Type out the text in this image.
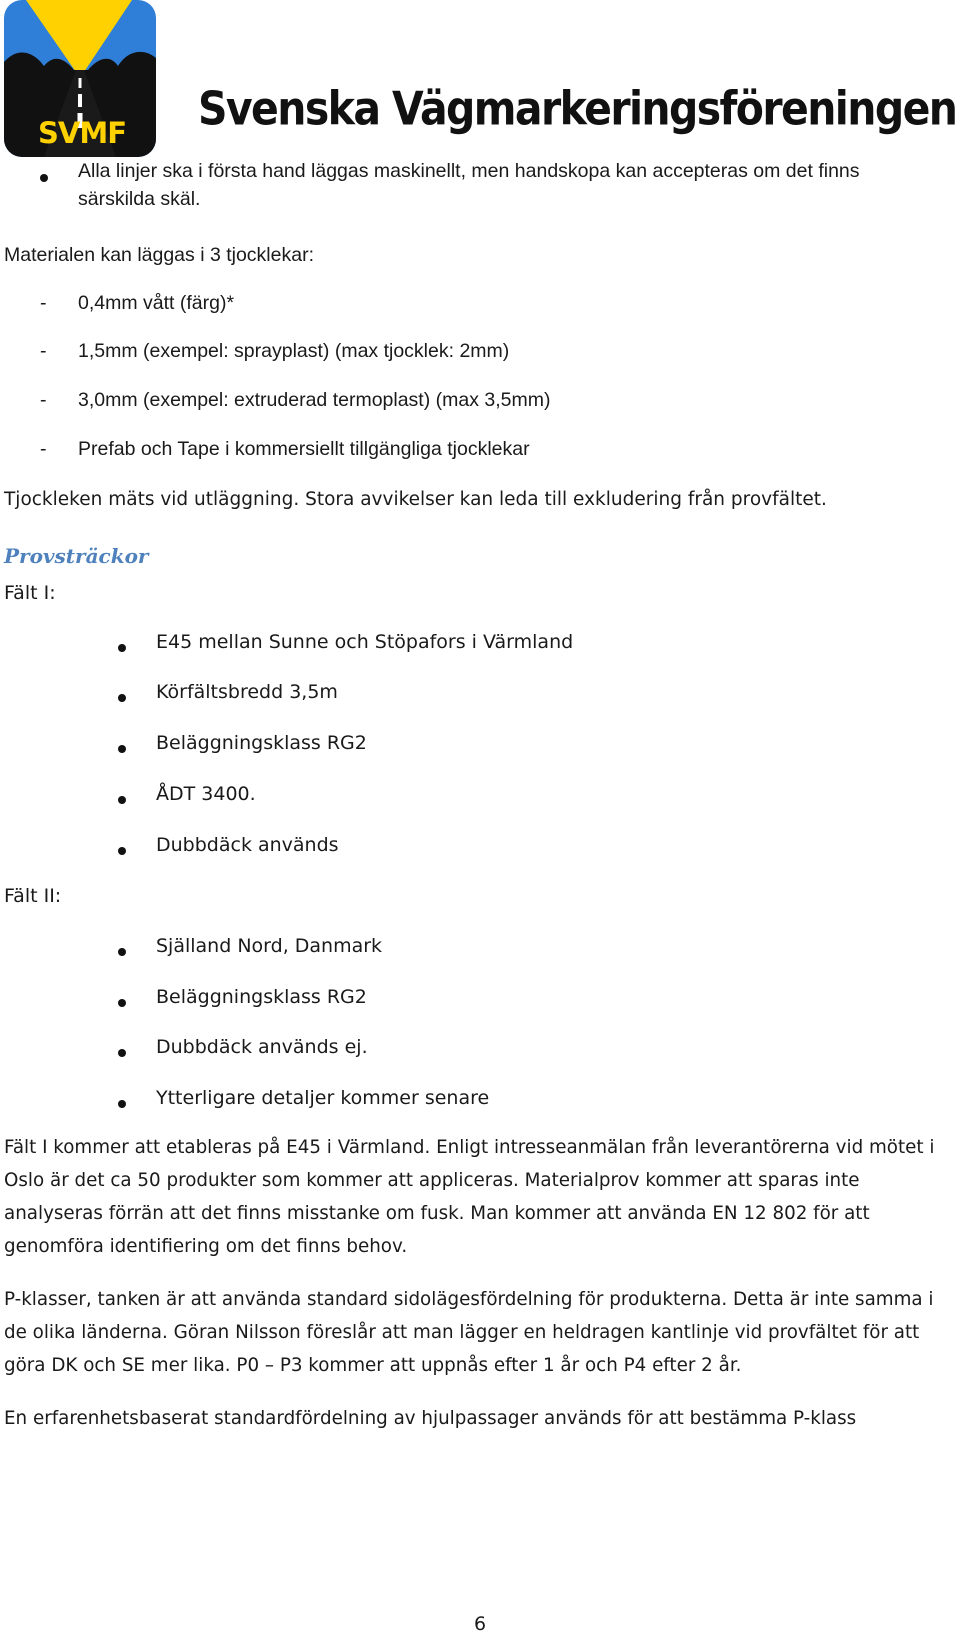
SVMF Svenska Vägmarkeringsföreningen
Alla linjer ska i första hand läggas maskinellt, men handskopa kan accepteras om det finns
särskilda skäl.
Materialen kan läggas i 3 tjocklekar:
-	0,4mm vått (färg)*
-	1,5mm (exempel: sprayplast) (max tjocklek: 2mm)
-	3,0mm (exempel: extruderad termoplast) (max 3,5mm)
-	Prefab och Tape i kommersiellt tillgängliga tjocklekar
Tjockleken mäts vid utläggning. Stora avvikelser kan leda till exkludering från provfältet.
Provsträckor
Fält I:
E45 mellan Sunne och Stöpafors i Värmland
Körfältsbredd 3,5m
Beläggningsklass RG2
ÅDT 3400.
Dubbdäck används
Fält II:
Själland Nord, Danmark
Beläggningsklass RG2
Dubbdäck används ej.
Ytterligare detaljer kommer senare
Fält I kommer att etableras på E45 i Värmland. Enligt intresseanmälan från leverantörerna vid mötet i
Oslo är det ca 50 produkter som kommer att appliceras. Materialprov kommer att sparas inte
analyseras förrän att det finns misstanke om fusk. Man kommer att använda EN 12 802 för att
genomföra identifiering om det finns behov.
P-klasser, tanken är att använda standard sidolägesfördelning för produkterna. Detta är inte samma i
de olika länderna. Göran Nilsson föreslår att man lägger en heldragen kantlinje vid provfältet för att
göra DK och SE mer lika. P0 – P3 kommer att uppnås efter 1 år och P4 efter 2 år.
En erfarenhetsbaserat standardfördelning av hjulpassager används för att bestämma P-klass
6
